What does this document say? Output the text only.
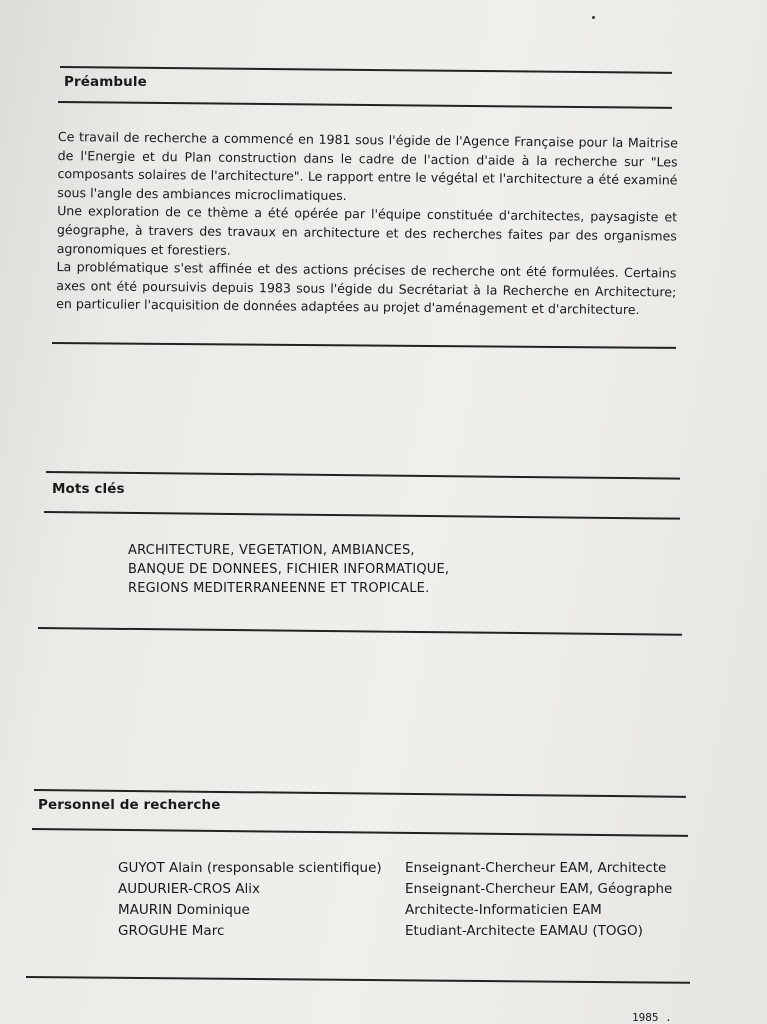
Préambule

Ce travail de recherche a commencé en 1981 sous l'égide de l'Agence Française pour la Maitrise de l'Energie et du Plan construction dans le cadre de l'action d'aide à la recherche sur "Les composants solaires de l'architecture". Le rapport entre le végétal et l'architecture a été examiné sous l'angle des ambiances microclimatiques.

Une exploration de ce thème a été opérée par l'équipe constituée d'architectes, paysagiste et géographe, à travers des travaux en architecture et des recherches faites par des organismes agronomiques et forestiers.

La problématique s'est affinée et des actions précises de recherche ont été formulées. Certains axes ont été poursuivis depuis 1983 sous l'égide du Secrétariat à la Recherche en Architecture; en particulier l'acquisition de données adaptées au projet d'aménagement et d'architecture.

Mots clés
ARCHITECTURE, VEGETATION, AMBIANCES,
BANQUE DE DONNEES, FICHIER INFORMATIQUE,
REGIONS MEDITERRANEENNE ET TROPICALE.
Personnel de recherche
GUYOT Alain (responsable scientifique)	Enseignant-Chercheur EAM, Architecte
AUDURIER-CROS Alix	Enseignant-Chercheur EAM, Géographe
MAURIN Dominique	Architecte-Informaticien EAM
GROGUHE Marc	Etudiant-Architecte EAMAU (TOGO)
1985 .
